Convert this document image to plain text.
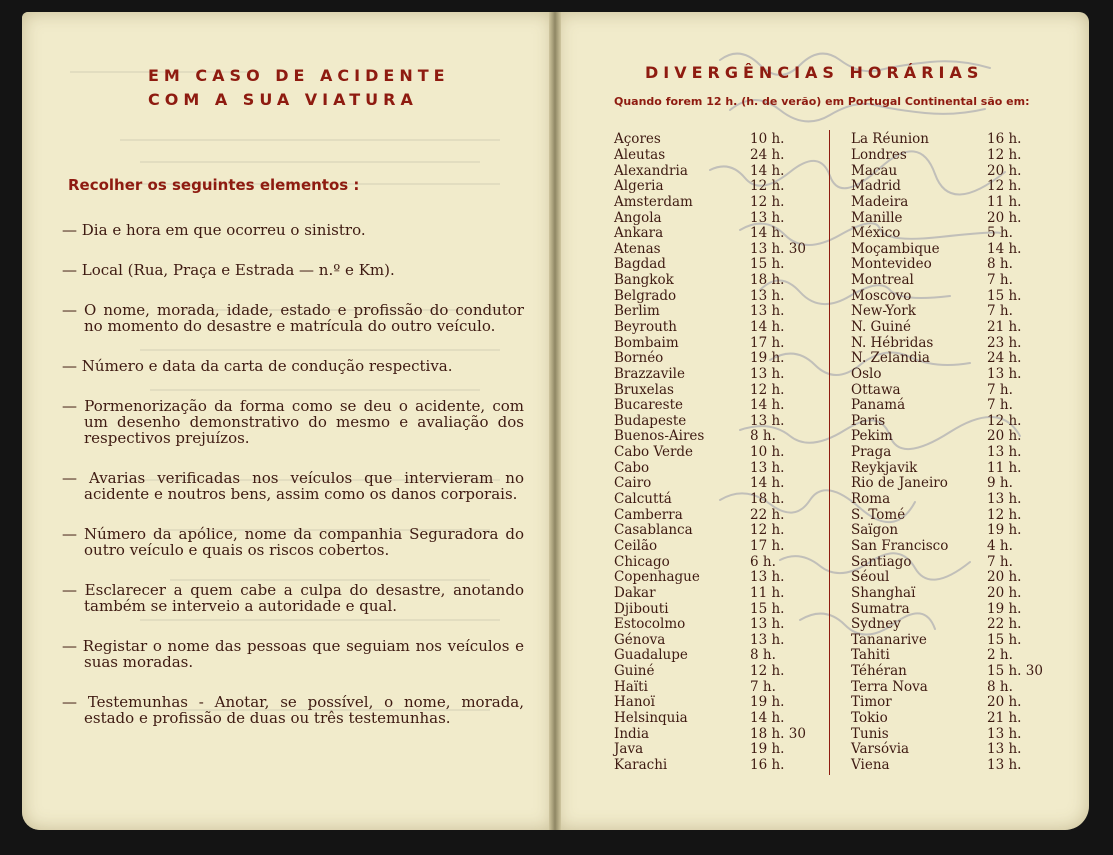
EM CASO DE ACIDENTE
COM A SUA VIATURA
Recolher os seguintes elementos :
— Dia e hora em que ocorreu o sinistro.
— Local (Rua, Praça e Estrada — n.º e Km).
— O nome, morada, idade, estado e profissão do condutor no momento do desastre e matrícula do outro veículo.
— Número e data da carta de condução respectiva.
— Pormenorização da forma como se deu o acidente, com um desenho demonstrativo do mesmo e avaliação dos respectivos prejuízos.
— Avarias verificadas nos veículos que intervieram no acidente e noutros bens, assim como os danos corporais.
— Número da apólice, nome da companhia Seguradora do outro veículo e quais os riscos cobertos.
— Esclarecer a quem cabe a culpa do desastre, anotando também se interveio a autoridade e qual.
— Registar o nome das pessoas que seguiam nos veículos e suas moradas.
— Testemunhas - Anotar, se possível, o nome, morada, estado e profissão de duas ou três testemunhas.
DIVERGÊNCIAS HORÁRIAS
Quando forem 12 h. (h. de verão) em Portugal Continental são em:
Açores	10 h.
Aleutas	24 h.
Alexandria	14 h.
Algeria	12 h.
Amsterdam	12 h.
Angola	13 h.
Ankara	14 h.
Atenas	13 h. 30
Bagdad	15 h.
Bangkok	18 h.
Belgrado	13 h.
Berlim	13 h.
Beyrouth	14 h.
Bombaim	17 h.
Bornéo	19 h.
Brazzavile	13 h.
Bruxelas	12 h.
Bucareste	14 h.
Budapeste	13 h.
Buenos-Aires	8 h.
Cabo Verde	10 h.
Cabo	13 h.
Cairo	14 h.
Calcuttá	18 h.
Camberra	22 h.
Casablanca	12 h.
Ceilão	17 h.
Chicago	6 h.
Copenhague	13 h.
Dakar	11 h.
Djibouti	15 h.
Estocolmo	13 h.
Génova	13 h.
Guadalupe	8 h.
Guiné	12 h.
Haïti	7 h.
Hanoï	19 h.
Helsinquia	14 h.
India	18 h. 30
Java	19 h.
Karachi	16 h.
La Réunion	16 h.
Londres	12 h.
Macau	20 h.
Madrid	12 h.
Madeira	11 h.
Manille	20 h.
México	5 h.
Moçambique	14 h.
Montevideo	8 h.
Montreal	7 h.
Moscovo	15 h.
New-York	7 h.
N. Guiné	21 h.
N. Hébridas	23 h.
N. Zelandia	24 h.
Oslo	13 h.
Ottawa	7 h.
Panamá	7 h.
Paris	12 h.
Pekim	20 h.
Praga	13 h.
Reykjavik	11 h.
Rio de Janeiro	9 h.
Roma	13 h.
S. Tomé	12 h.
Saïgon	19 h.
San Francisco	4 h.
Santiago	7 h.
Séoul	20 h.
Shanghaï	20 h.
Sumatra	19 h.
Sydney	22 h.
Tananarive	15 h.
Tahiti	2 h.
Téhéran	15 h. 30
Terra Nova	8 h.
Timor	20 h.
Tokio	21 h.
Tunis	13 h.
Varsóvia	13 h.
Viena	13 h.
